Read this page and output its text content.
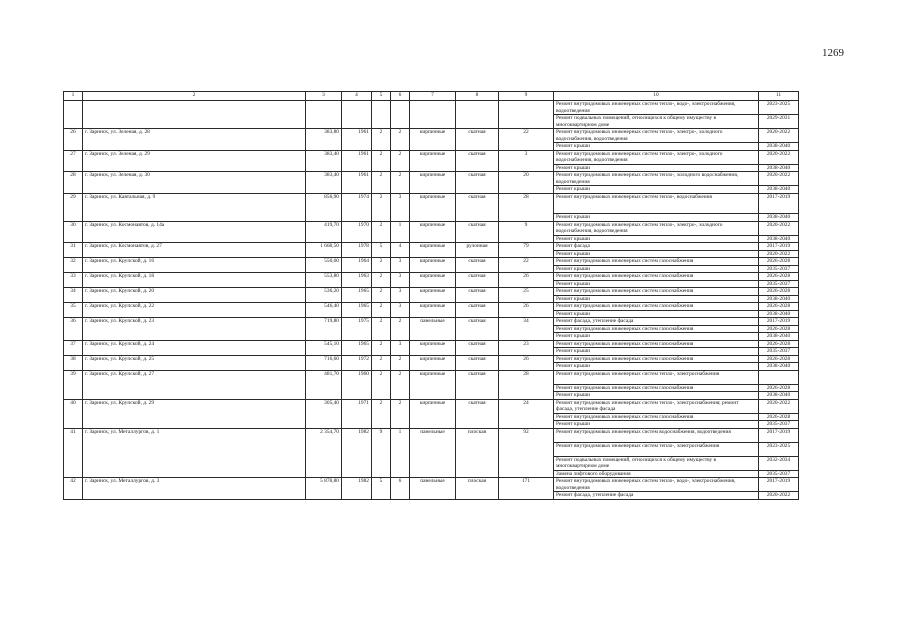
1269
1	2	3	4	5	6	7	8	9	10	11
									Ремонт внутридомовых инженерных систем тепло-, водо-, электроснабжения, водоотведения	2023-2025
									Ремонт подвальных помещений, относящихся к общему имуществу в многоквартирном доме	2029-2031
26	г. Заринск, ул. Зеленая, д. 28	383,80	1961	2	2	кирпичные	скатная	22	Ремонт внутридомовых инженерных систем тепло-, электро-, холодного водоснабжения, водоотведения	2020-2022
									Ремонт крыши	2038-2040
27	г. Заринск, ул. Зеленая, д. 29	383,40	1961	2	2	кирпичные	скатная	3	Ремонт внутридомовых инженерных систем тепло-, электро-, холодного водоснабжения, водоотведения	2020-2022
									Ремонт крыши	2038-2040
28	г. Заринск, ул. Зеленая, д. 30	383,40	1961	2	2	кирпичные	скатная	20	Ремонт внутридомовых инженерных систем тепло-, холодного водоснабжения, водоотведения	2020-2022
									Ремонт крыши	2038-2040
29	г. Заринск, ул. Кавтальная, д. 9	856,90	1974	2	3	кирпичные	скатная	28	Ремонт внутридомовых инженерных систем тепло-, водоснабжения	2017-2019
									Ремонт крыши	2038-2040
30	г. Заринск, ул. Космонавтов, д. 14а	419,70	1970	2	1	кирпичные	скатная	9	Ремонт внутридомовых инженерных систем тепло-, электро-, холодного водоснабжения, водоотведения	2020-2022
									Ремонт крыши	2038-2040
31	г. Заринск, ул. Космонавтов, д. 27	1 668,50	1978	5	4	кирпичные	рулонная	79	Ремонт фасада	2017-2019
									Ремонт крыши	2020-2022
32	г. Заринск, ул. Крупской, д. 16	550,60	1964	2	3	кирпичные	скатная	22	Ремонт внутридомовых инженерных систем газоснабжения	2026-2028
									Ремонт крыши	2035-2037
33	г. Заринск, ул. Крупской, д. 18	553,80	1963	2	3	кирпичные	скатная	26	Ремонт внутридомовых инженерных систем газоснабжения	2026-2028
									Ремонт крыши	2035-2037
34	г. Заринск, ул. Крупской, д. 20	536,20	1965	2	3	кирпичные	скатная	25	Ремонт внутридомовых инженерных систем газоснабжения	2026-2028
									Ремонт крыши	2038-2040
35	г. Заринск, ул. Крупской, д. 22	546,40	1965	2	3	кирпичные	скатная	26	Ремонт внутридомовых инженерных систем газоснабжения	2026-2028
									Ремонт крыши	2038-2040
36	г. Заринск, ул. Крупской, д. 23	719,80	1975	2	2	панельные	скатная	34	Ремонт фасада, утепление фасада	2017-2019
									Ремонт внутридомовых инженерных систем газоснабжения	2026-2028
									Ремонт крыши	2038-2040
37	г. Заринск, ул. Крупской, д. 24	545,10	1965	2	3	кирпичные	скатная	23	Ремонт внутридомовых инженерных систем газоснабжения	2026-2028
									Ремонт крыши	2035-2037
38	г. Заринск, ул. Крупской, д. 25	716,60	1972	2	2	кирпичные	скатная	26	Ремонт внутридомовых инженерных систем газоснабжения	2026-2028
									Ремонт крыши	2038-2040
39	г. Заринск, ул. Крупской, д. 27	481,70	1960	2	2	кирпичные	скатная	28	Ремонт внутридомовых инженерных систем тепло-, электроснабжения	
									Ремонт внутридомовых инженерных систем газоснабжения	2026-2028
									Ремонт крыши	2038-2040
40	г. Заринск, ул. Крупской, д. 29	305,40	1971	2	2	кирпичные	скатная	24	Ремонт внутридомовых инженерных систем тепло-, электроснабжения; ремонт фасада, утепление фасада	2020-2022
									Ремонт внутридомовых инженерных систем газоснабжения	2026-2028
									Ремонт крыши	2035-2037
41	г. Заринск, ул. Металлургов, д. 1	2 354,70	1982	9	1	панельные	плоская	92	Ремонт внутридомовых инженерных систем водоснабжения, водоотведения	2017-2019
									Ремонт внутридомовых инженерных систем тепло-, электроснабжения	2023-2025
									Ремонт подвальных помещений, относящихся к общему имуществу в многоквартирном доме	2032-2034
									Замена лифтового оборудования	2035-2037
42	г. Заринск, ул. Металлургов, д. 3	5 878,80	1982	5	6	панельные	плоская	171	Ремонт внутридомовых инженерных систем тепло-, водо-, электроснабжения, водоотведения	2017-2019
									Ремонт фасада, утепление фасада	2020-2022
